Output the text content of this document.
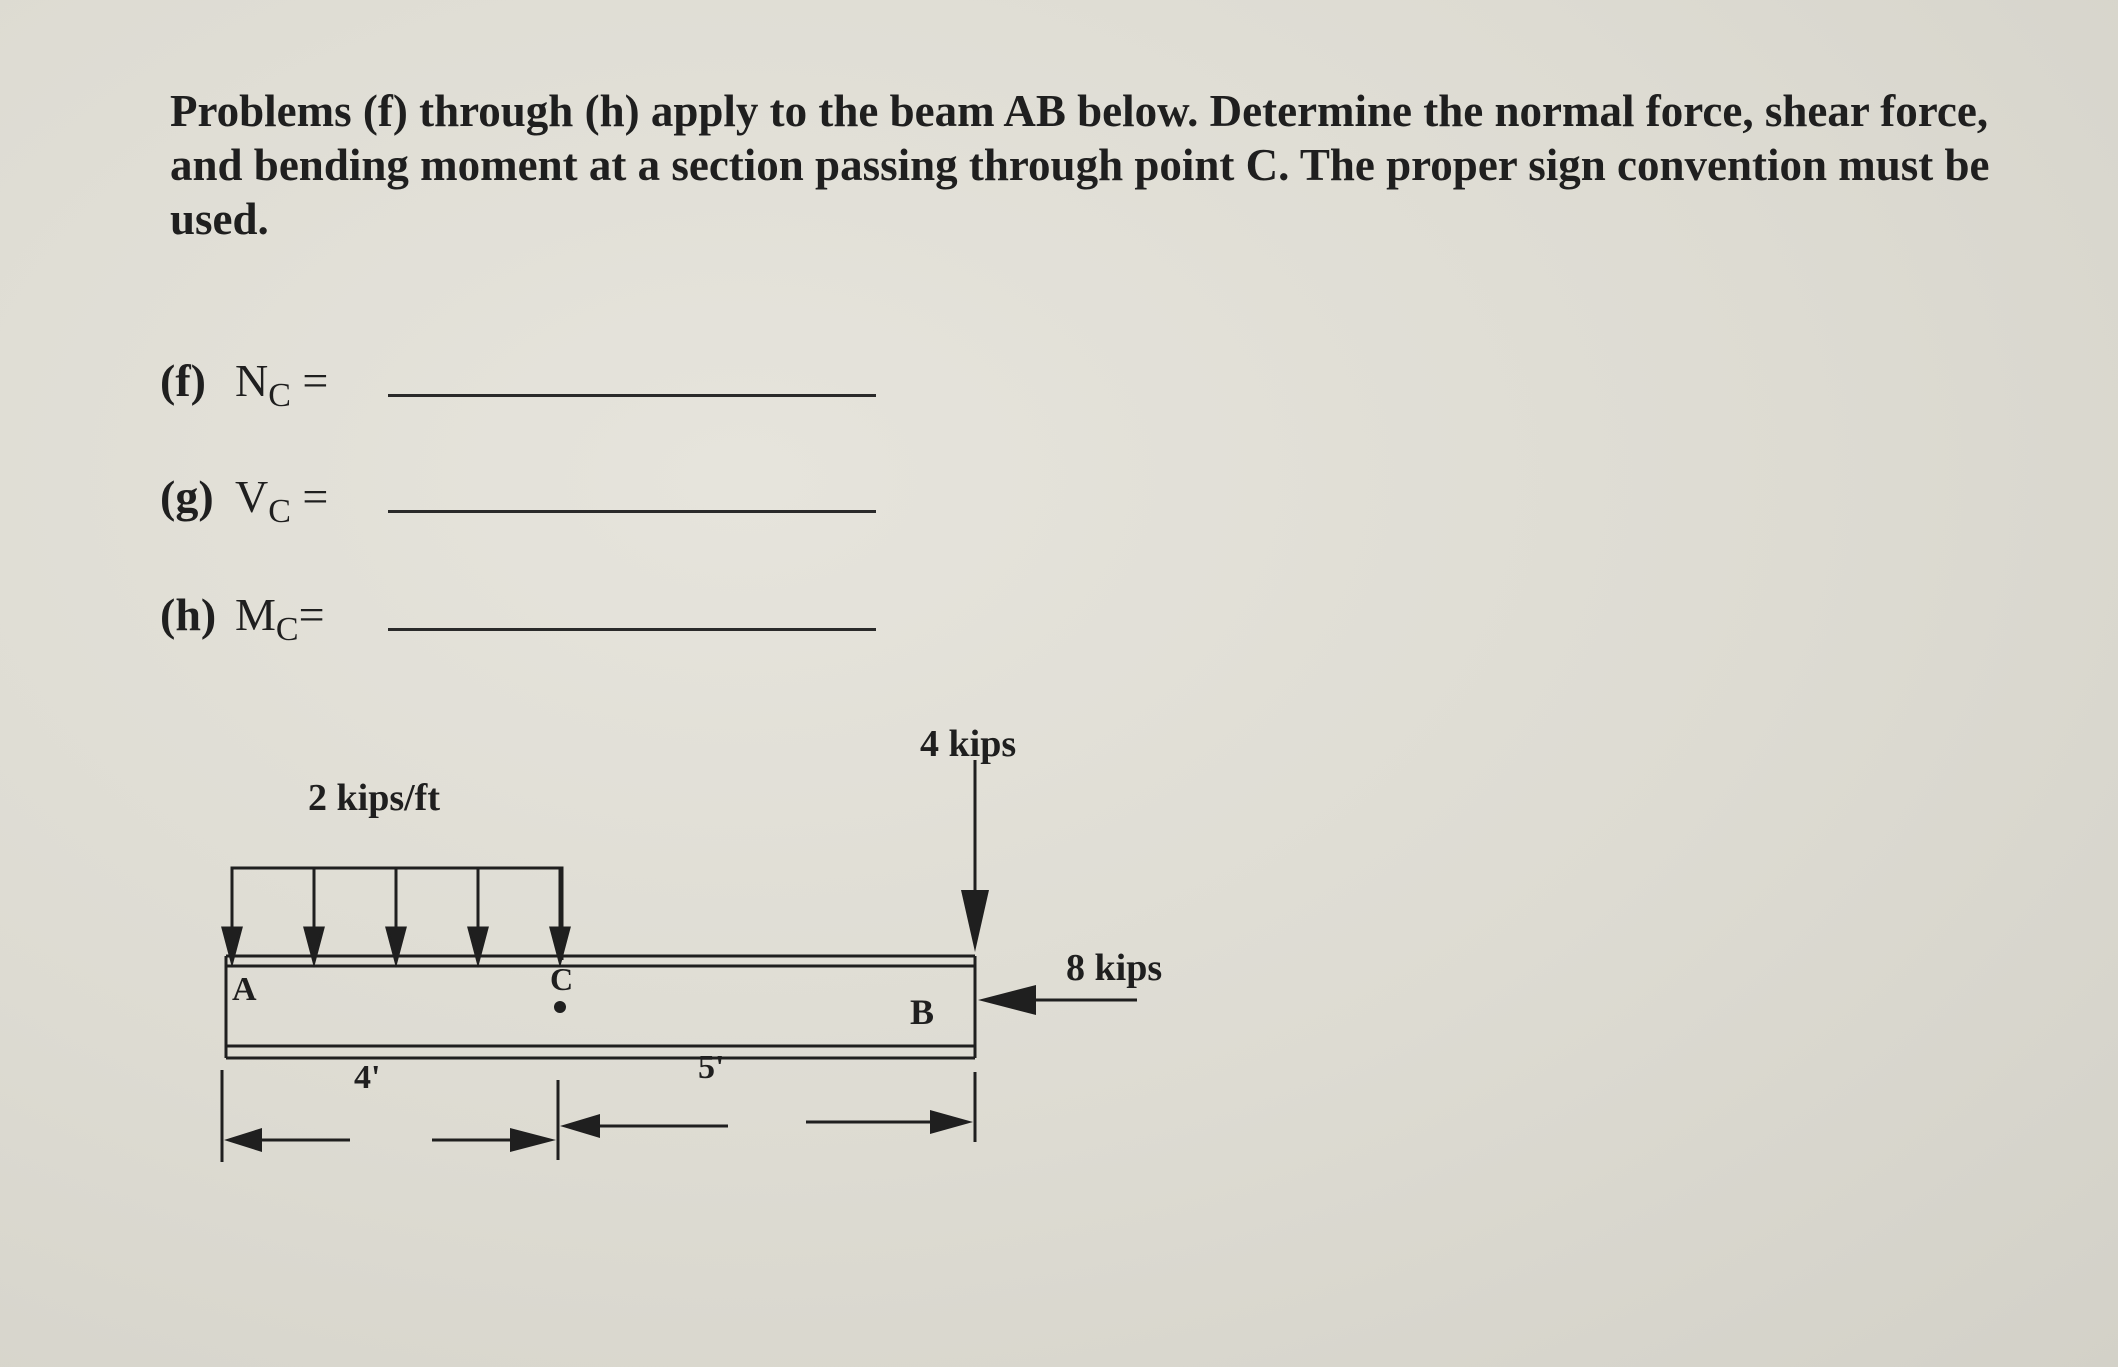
Problems (f) through (h) apply to the beam AB below. Determine the normal force, shear force, and bending moment at a section passing through point C. The proper sign convention must be used.

(f) $N_C$ =
(g) $V_C$ =
(h) $M_C=$
2 kips/ft
A
B
C
4 kips
8 kips
4'	5'
